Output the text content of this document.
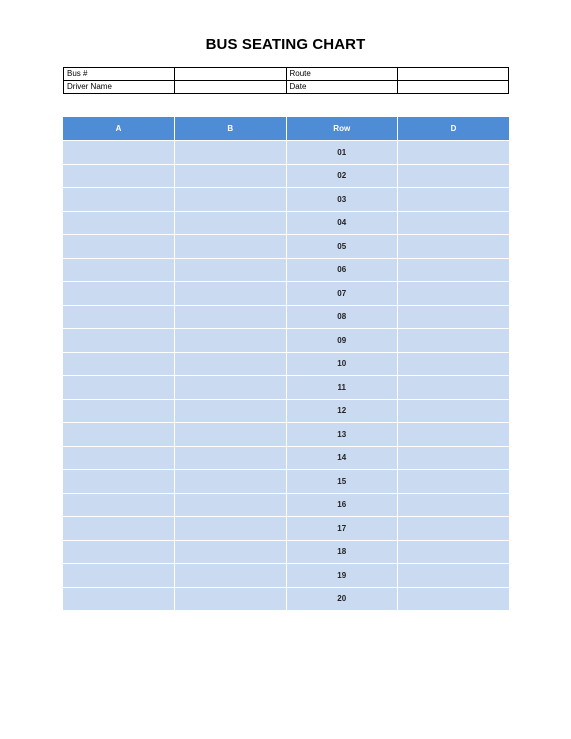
BUS SEATING CHART
Bus #		Route	
Driver Name		Date	
A	B	Row	D
		01	
		02	
		03	
		04	
		05	
		06	
		07	
		08	
		09	
		10	
		11	
		12	
		13	
		14	
		15	
		16	
		17	
		18	
		19	
		20	
